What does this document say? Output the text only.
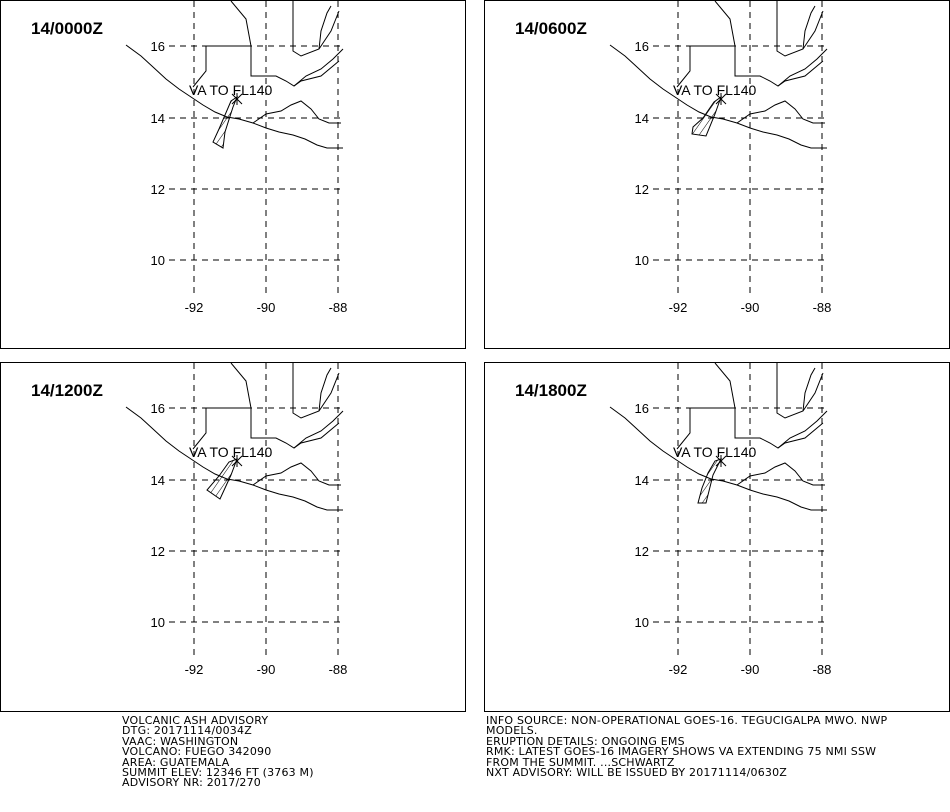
14/0000Z
VA TO FL140
16
14
12
10
-92	-90	-88
14/0600Z
VA TO FL140
16
14
12
10
-92	-90	-88
14/1200Z
VA TO FL140
16
14
12
10
-92	-90	-88
14/1800Z
VA TO FL140
16
14
12
10
-92	-90	-88
VOLCANIC ASH ADVISORY
DTG: 20171114/0034Z
VAAC: WASHINGTON
VOLCANO: FUEGO 342090
AREA: GUATEMALA
SUMMIT ELEV: 12346 FT (3763 M)
ADVISORY NR: 2017/270
INFO SOURCE: NON-OPERATIONAL GOES-16. TEGUCIGALPA MWO. NWP
MODELS.
ERUPTION DETAILS: ONGOING EMS
RMK: LATEST GOES-16 IMAGERY SHOWS VA EXTENDING 75 NMI SSW
FROM THE SUMMIT. ...SCHWARTZ
NXT ADVISORY: WILL BE ISSUED BY 20171114/0630Z
